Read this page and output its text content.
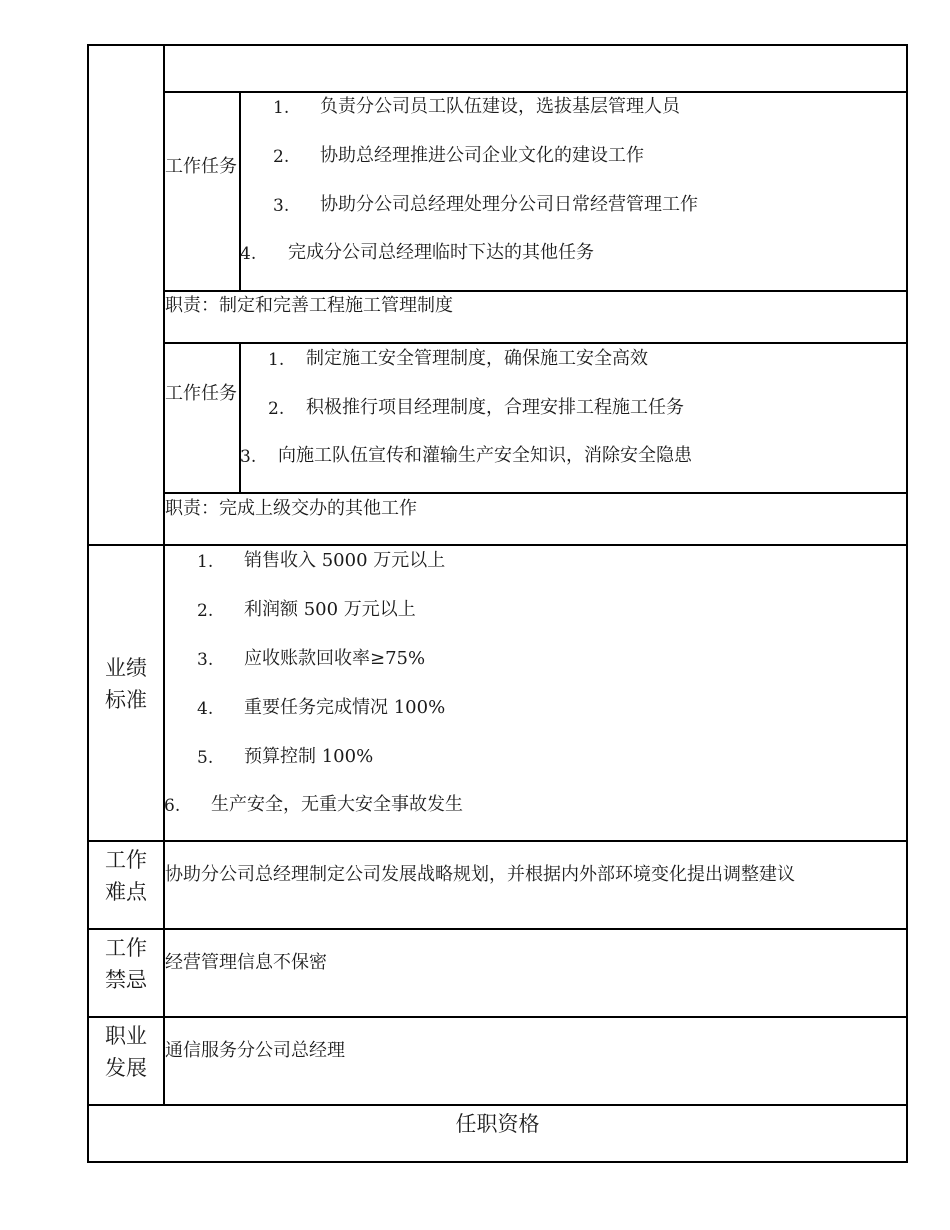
工作任务
1. 负责分公司员工队伍建设，选拔基层管理人员
2. 协助总经理推进公司企业文化的建设工作
3. 协助分公司总经理处理分公司日常经营管理工作
4. 完成分公司总经理临时下达的其他任务
职责：制定和完善工程施工管理制度
工作任务
1. 制定施工安全管理制度，确保施工安全高效
2. 积极推行项目经理制度，合理安排工程施工任务
3. 向施工队伍宣传和灌输生产安全知识，消除安全隐患
职责：完成上级交办的其他工作
业绩标准
1. 销售收入 5000 万元以上
2. 利润额 500 万元以上
3. 应收账款回收率≥75%
4. 重要任务完成情况 100%
5. 预算控制 100%
6. 生产安全，无重大安全事故发生
工作难点
协助分公司总经理制定公司发展战略规划，并根据内外部环境变化提出调整建议
工作禁忌
经营管理信息不保密
职业发展
通信服务分公司总经理
任职资格
